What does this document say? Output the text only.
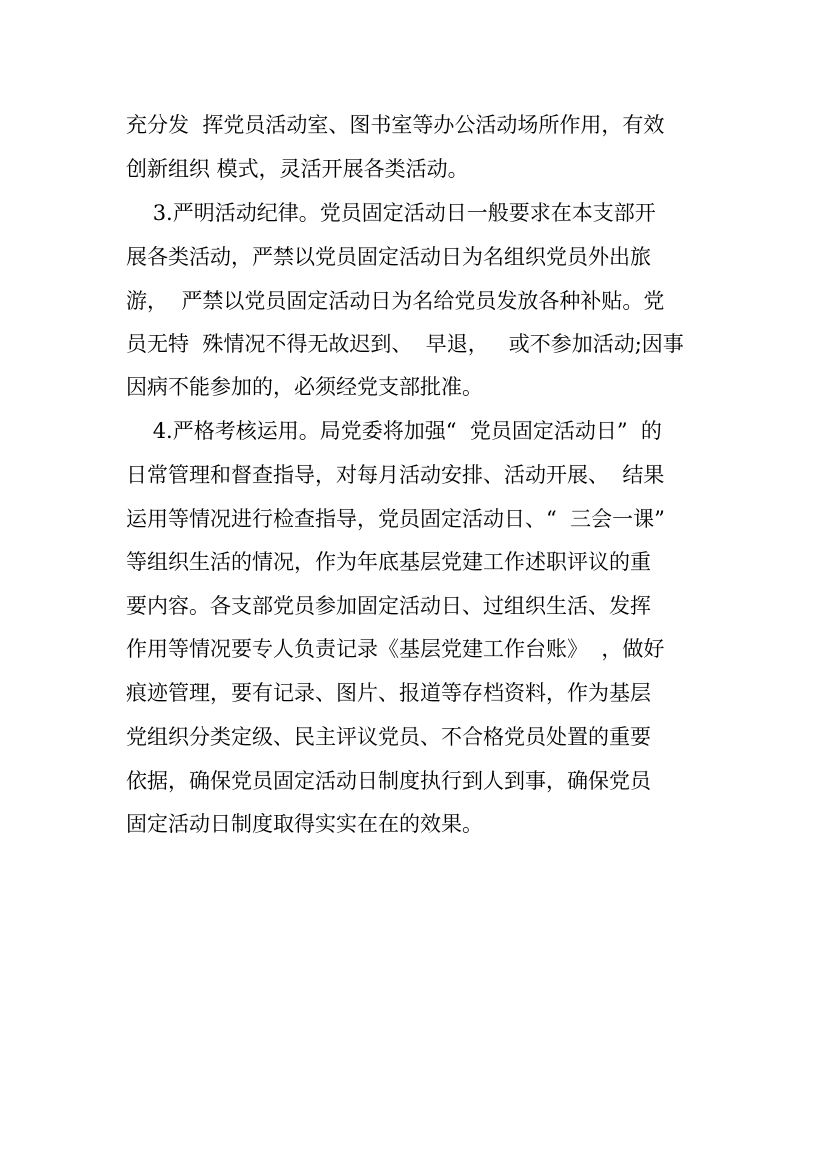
充分发  挥党员活动室、图书室等办公活动场所作用，有效
创新组织 模式，灵活开展各类活动。
3.严明活动纪律。党员固定活动日一般要求在本支部开
展各类活动，严禁以党员固定活动日为名组织党员外出旅
游，  严禁以党员固定活动日为名给党员发放各种补贴。党
员无特  殊情况不得无故迟到、  早退，   或不参加活动;因事
因病不能参加的，必须经党支部批准。
4.严格考核运用。局党委将加强“  党员固定活动日”  的
日常管理和督查指导，对每月活动安排、活动开展、  结果
运用等情况进行检查指导，党员固定活动日、“  三会一课”
等组织生活的情况，作为年底基层党建工作述职评议的重
要内容。各支部党员参加固定活动日、过组织生活、发挥
作用等情况要专人负责记录《基层党建工作台账》  ，做好
痕迹管理，要有记录、图片、报道等存档资料，作为基层
党组织分类定级、民主评议党员、不合格党员处置的重要
依据，确保党员固定活动日制度执行到人到事，确保党员
固定活动日制度取得实实在在的效果。
